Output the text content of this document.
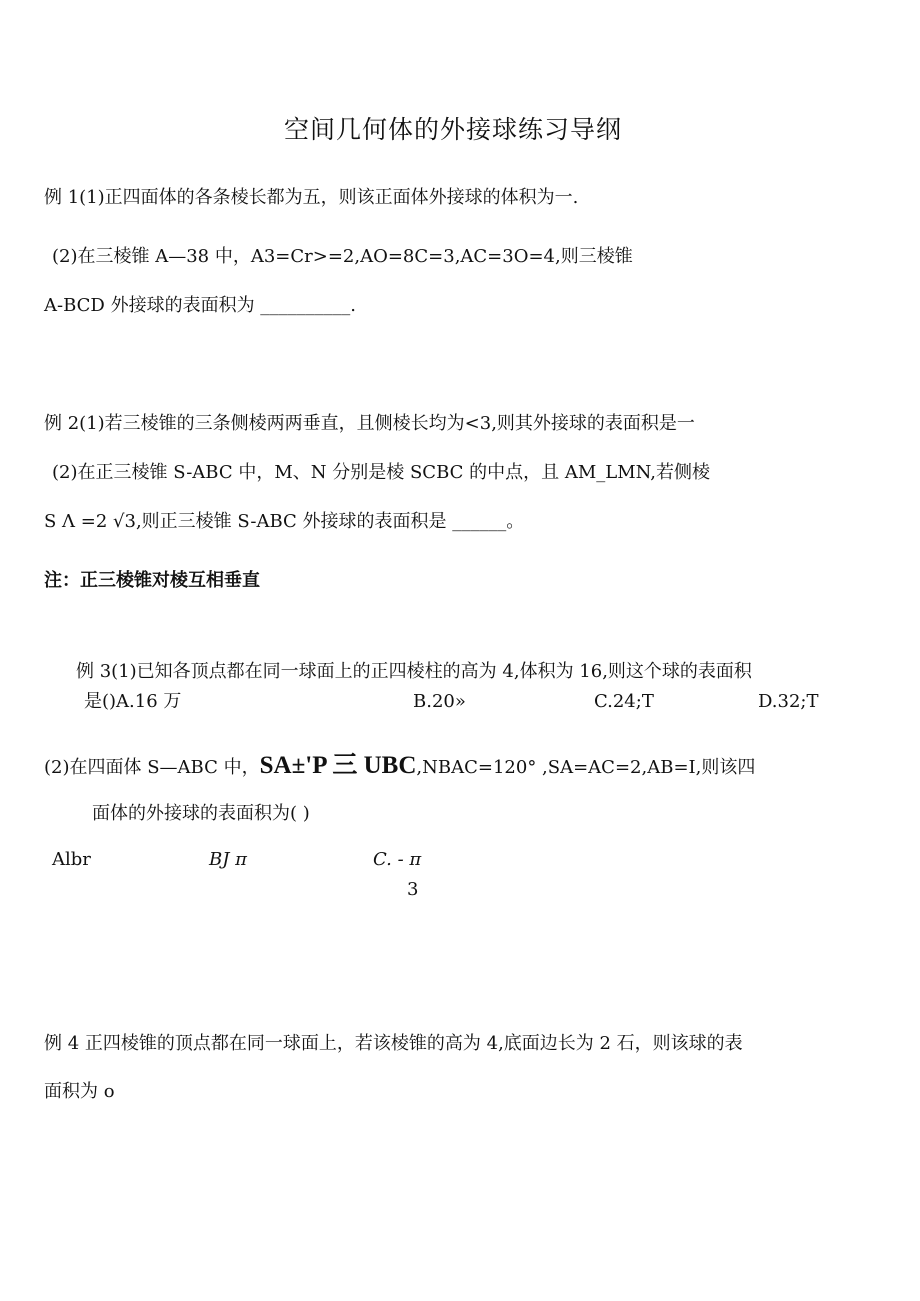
空间几何体的外接球练习导纲
例 1(1)正四面体的各条棱长都为五，则该正面体外接球的体积为一.
(2)在三棱锥 A—38 中，A3=Cr>=2,AO=8C=3,AC=3O=4,则三棱锥
A-BCD 外接球的表面积为 __________.
例 2(1)若三棱锥的三条侧棱两两垂直，且侧棱长均为<3,则其外接球的表面积是一
(2)在正三棱锥 S-ABC 中，M、N 分别是棱 SCBC 的中点，且 AM_LMN,若侧棱
S Λ =2 √3,则正三棱锥 S-ABC 外接球的表面积是 ______。
注：正三棱锥对棱互相垂直
例 3(1)已知各顶点都在同一球面上的正四棱柱的高为 4,体积为 16,则这个球的表面积
是()A.16 万	B.20»	C.24;T	D.32;T
(2)在四面体 S—ABC 中，SA±'P 三 UBC,NBAC=120° ,SA=AC=2,AB=I,则该四
面体的外接球的表面积为( )
Albr	BJ π	C. - π
3
例 4 正四棱锥的顶点都在同一球面上，若该棱锥的高为 4,底面边长为 2 石，则该球的表
面积为 o
